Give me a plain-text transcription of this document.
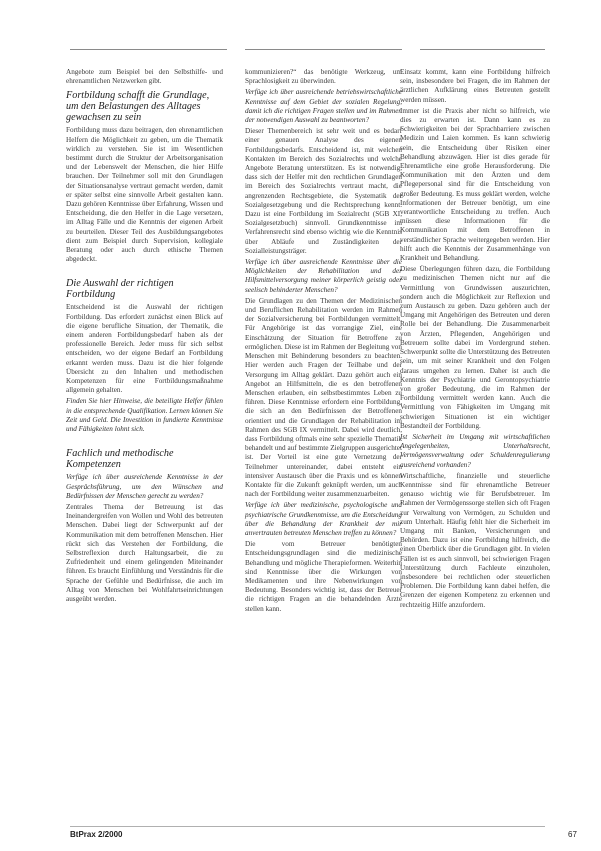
Angebote zum Beispiel bei den Selbsthilfe- und ehrenamtlichen Netzwerken gibt.

Fortbildung schafft die Grundlage, um den Belastungen des Alltages gewachsen zu sein

Fortbildung muss dazu beitragen, den ehrenamtlichen Helfern die Möglichkeit zu geben, um die Thematik wirklich zu verstehen. Sie ist im Wesentlichen bestimmt durch die Struktur der Arbeitsorganisation und der Lebenswelt der Menschen, die hier Hilfe brauchen. Der Teilnehmer soll mit den Grundlagen der Situationsanalyse vertraut gemacht werden, damit er später selbst eine sinnvolle Arbeit gestalten kann. Dazu gehören Kenntnisse über Erfahrung, Wissen und Entscheidung, die den Helfer in die Lage versetzen, im Alltag Fälle und die Kenntnis der eigenen Arbeit zu beurteilen. Dieser Teil des Ausbildungsangebotes dient zum Beispiel durch Supervision, kollegiale Beratung oder auch durch ethische Themen abgedeckt.

Die Auswahl der richtigen Fortbildung

Entscheidend ist die Auswahl der richtigen Fortbildung. Das erfordert zunächst einen Blick auf die eigene berufliche Situation, der Thematik, die einem anderen Fortbildungsbedarf haben als der professionelle Bereich. Jeder muss für sich selbst entscheiden, wo der eigene Bedarf an Fortbildung erkannt werden muss. Dazu ist die hier folgende Übersicht zu den Inhalten und methodischen Kompetenzen für eine Fortbildungsmaßnahme allgemein gehalten.

Finden Sie hier Hinweise, die beteiligte Helfer fühlen in die entsprechende Qualifikation. Lernen können Sie Zeit und Geld. Die Investition in fundierte Kenntnisse und Fähigkeiten lohnt sich.

Fachlich und methodische Kompetenzen

Verfüge ich über ausreichende Kenntnisse in der Gesprächsführung, um den Wünschen und Bedürfnissen der Menschen gerecht zu werden?

Zentrales Thema der Betreuung ist das Ineinandergreifen von Wollen und Wohl des betreuten Menschen. Dabei liegt der Schwerpunkt auf der Kommunikation mit dem betroffenen Menschen. Hier rückt sich das Verstehen der Fortbildung, die Selbstreflexion durch Haltungsarbeit, die zu Zufriedenheit und einem gelingenden Miteinander führen. Es braucht Einfühlung und Verständnis für die Sprache der Gefühle und Bedürfnisse, die auch im Alltag von Menschen bei Wohlfahrtseinrichtungen ausgeübt werden.

kommunizieren?“ das benötigte Werkzeug, um Sprachlosigkeit zu überwinden.

Verfüge ich über ausreichende betriebswirtschaftliche Kenntnisse auf dem Gebiet der sozialen Regelung, damit ich die richtigen Fragen stellen und im Rahmen der notwendigen Auswahl zu beantworten?

Dieser Themenbereich ist sehr weit und es bedarf einer genauen Analyse des eigenen Fortbildungsbedarfs. Entscheidend ist, mit welchen Kontakten im Bereich des Sozialrechts und welche Angebote Beratung unterstützen. Es ist notwendig, dass sich der Helfer mit den rechtlichen Grundlagen im Bereich des Sozialrechts vertraut macht, die angrenzenden Rechtsgebiete, die Systematik der Sozialgesetzgebung und die Rechtsprechung kennt. Dazu ist eine Fortbildung im Sozialrecht (SGB XI, Sozialgesetzbuch) sinnvoll. Grundkenntnisse im Verfahrensrecht sind ebenso wichtig wie die Kenntnis über Abläufe und Zuständigkeiten der Sozialleistungsträger.

Verfüge ich über ausreichende Kenntnisse über die Möglichkeiten der Rehabilitation und der Hilfsmittelversorgung meiner körperlich geistig oder seelisch behinderter Menschen?

Die Grundlagen zu den Themen der Medizinischen und Beruflichen Rehabilitation werden im Rahmen der Sozialversicherung bei Fortbildungen vermittelt. Für Angehörige ist das vorrangige Ziel, eine Einschätzung der Situation für Betroffene zu ermöglichen. Diese ist im Rahmen der Begleitung von Menschen mit Behinderung besonders zu beachten. Hier werden auch Fragen der Teilhabe und der Versorgung im Alltag geklärt. Dazu gehört auch ein Angebot an Hilfsmitteln, die es den betroffenen Menschen erlauben, ein selbstbestimmtes Leben zu führen. Diese Kenntnisse erfordern eine Fortbildung, die sich an den Bedürfnissen der Betroffenen orientiert und die Grundlagen der Rehabilitation im Rahmen des SGB IX vermittelt. Dabei wird deutlich, dass Fortbildung oftmals eine sehr spezielle Thematik behandelt und auf bestimmte Zielgruppen ausgerichtet ist. Der Vorteil ist eine gute Vernetzung der Teilnehmer untereinander, dabei entsteht ein intensiver Austausch über die Praxis und es können Kontakte für die Zukunft geknüpft werden, um auch nach der Fortbildung weiter zusammenzuarbeiten.

Verfüge ich über medizinische, psychologische und psychiatrische Grundkenntnisse, um die Entscheidung über die Behandlung der Krankheit der mir anvertrauten betreuten Menschen treffen zu können?

Die vom Betreuer benötigten Entscheidungsgrundlagen sind die medizinische Behandlung und mögliche Therapieformen. Weiterhin sind Kenntnisse über die Wirkungen von Medikamenten und ihre Nebenwirkungen von Bedeutung. Besonders wichtig ist, dass der Betreuer die richtigen Fragen an die behandelnden Ärzte stellen kann.

Einsatz kommt, kann eine Fortbildung hilfreich sein, insbesondere bei Fragen, die im Rahmen der ärztlichen Aufklärung eines Betreuten gestellt werden müssen.

Immer ist die Praxis aber nicht so hilfreich, wie dies zu erwarten ist. Dann kann es zu Schwierigkeiten bei der Sprachbarriere zwischen Medizin und Laien kommen. Es kann schwierig sein, die Entscheidung über Risiken einer Behandlung abzuwägen. Hier ist dies gerade für Ehrenamtliche eine große Herausforderung. Die Kommunikation mit den Ärzten und dem Pflegepersonal sind für die Entscheidung von großer Bedeutung. Es muss geklärt werden, welche Informationen der Betreuer benötigt, um eine verantwortliche Entscheidung zu treffen. Auch müssen diese Informationen für die Kommunikation mit dem Betroffenen in verständlicher Sprache weitergegeben werden. Hier hilft auch die Kenntnis der Zusammenhänge von Krankheit und Behandlung.

Diese Überlegungen führen dazu, die Fortbildung zu medizinischen Themen nicht nur auf die Vermittlung von Grundwissen auszurichten, sondern auch die Möglichkeit zur Reflexion und zum Austausch zu geben. Dazu gehören auch der Umgang mit Angehörigen des Betreuten und deren Rolle bei der Behandlung. Die Zusammenarbeit von Ärzten, Pflegenden, Angehörigen und Betreuern sollte dabei im Vordergrund stehen. Schwerpunkt sollte die Unterstützung des Betreuten sein, um mit seiner Krankheit und den Folgen daraus umgehen zu lernen. Daher ist auch die Kenntnis der Psychiatrie und Gerontopsychiatrie von großer Bedeutung, die im Rahmen der Fortbildung vermittelt werden kann. Auch die Vermittlung von Fähigkeiten im Umgang mit schwierigen Situationen ist ein wichtiger Bestandteil der Fortbildung.

Ist Sicherheit im Umgang mit wirtschaftlichen Angelegenheiten, Unterhaltsrecht, Vermögensverwaltung oder Schuldenregulierung ausreichend vorhanden?

Wirtschaftliche, finanzielle und steuerliche Kenntnisse sind für ehrenamtliche Betreuer genauso wichtig wie für Berufsbetreuer. Im Rahmen der Vermögenssorge stellen sich oft Fragen zur Verwaltung von Vermögen, zu Schulden und zum Unterhalt. Häufig fehlt hier die Sicherheit im Umgang mit Banken, Versicherungen und Behörden. Dazu ist eine Fortbildung hilfreich, die einen Überblick über die Grundlagen gibt. In vielen Fällen ist es auch sinnvoll, bei schwierigen Fragen Unterstützung durch Fachleute einzuholen, insbesondere bei rechtlichen oder steuerlichen Problemen. Die Fortbildung kann dabei helfen, die Grenzen der eigenen Kompetenz zu erkennen und rechtzeitig Hilfe anzufordern.

BtPrax 2/2000	67
